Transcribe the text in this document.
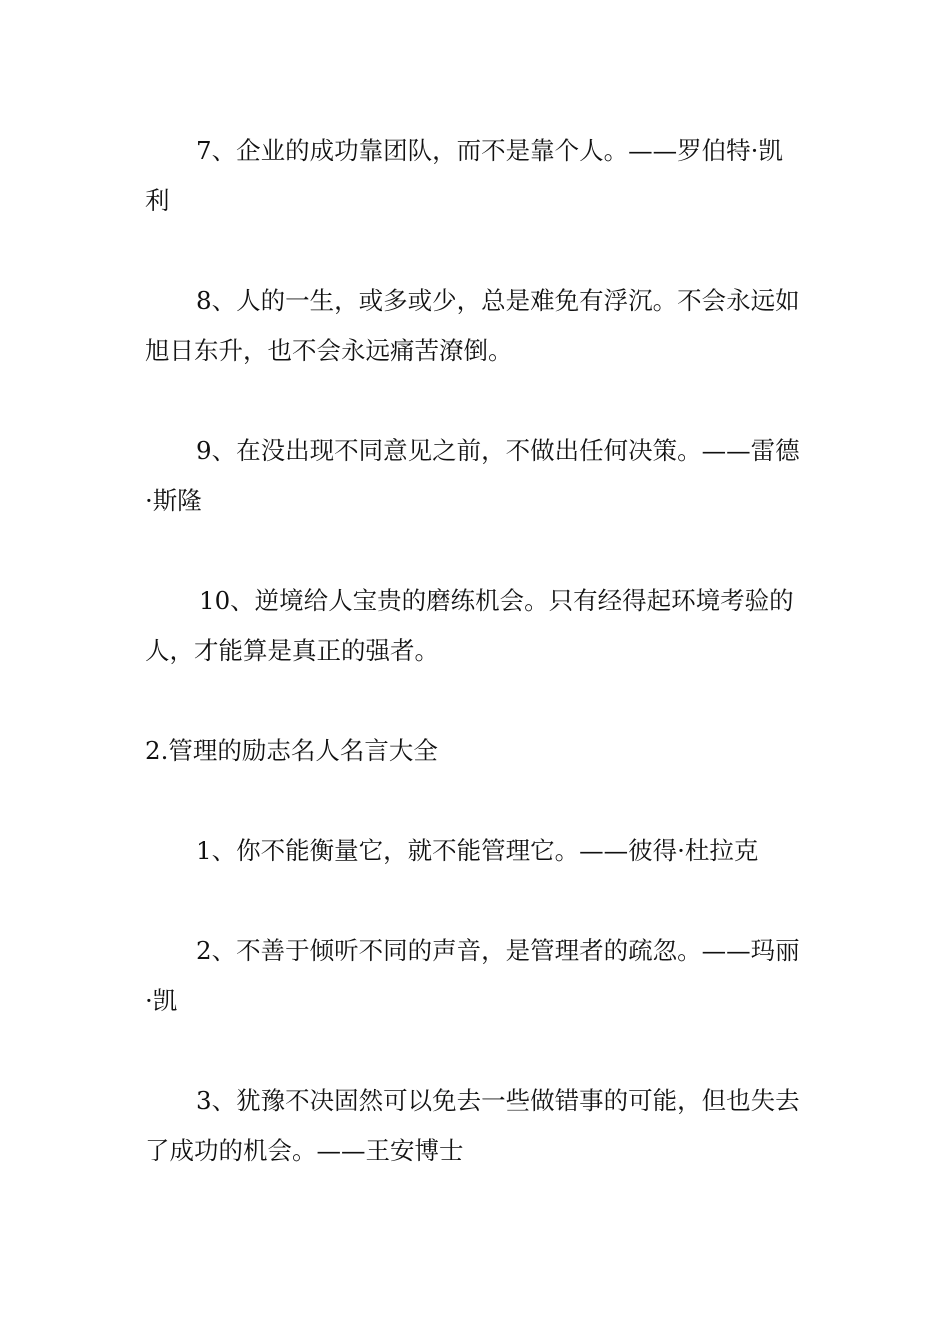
7、企业的成功靠团队，而不是靠个人。——罗伯特·凯利

8、人的一生，或多或少，总是难免有浮沉。不会永远如旭日东升，也不会永远痛苦潦倒。

9、在没出现不同意见之前，不做出任何决策。——雷德·斯隆

10、逆境给人宝贵的磨练机会。只有经得起环境考验的人，才能算是真正的强者。

2.管理的励志名人名言大全

1、你不能衡量它，就不能管理它。——彼得·杜拉克

2、不善于倾听不同的声音，是管理者的疏忽。——玛丽·凯

3、犹豫不决固然可以免去一些做错事的可能，但也失去了成功的机会。——王安博士
